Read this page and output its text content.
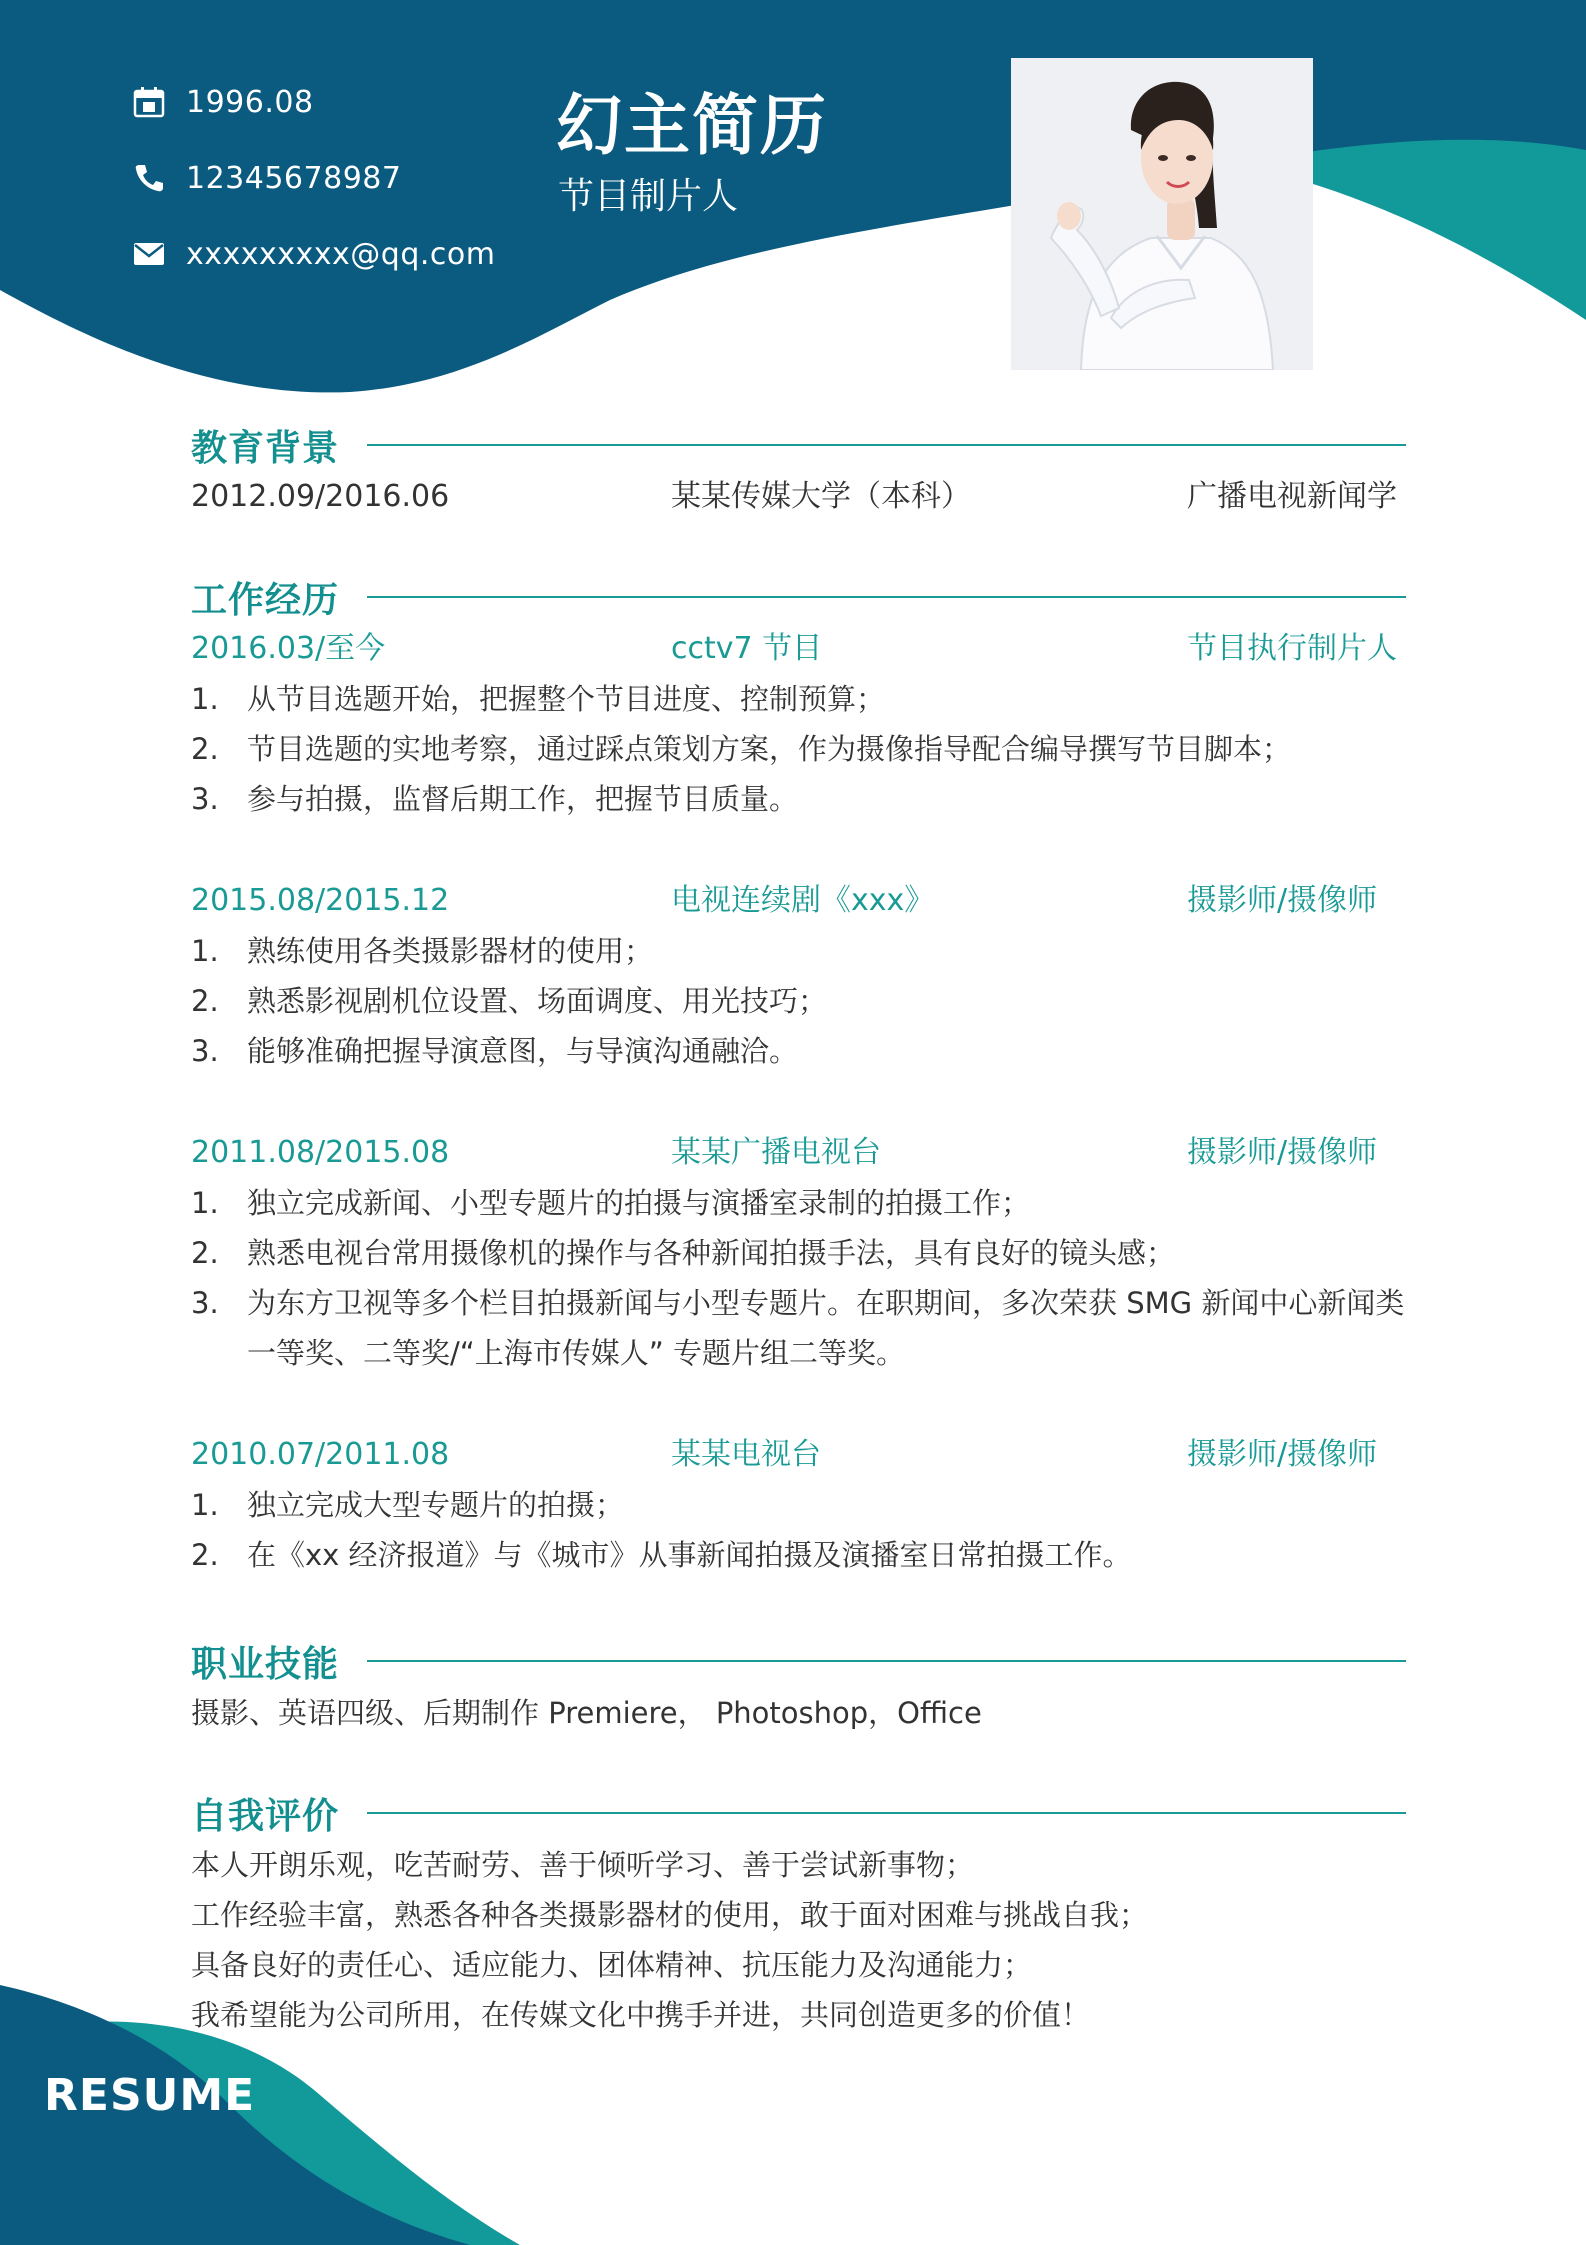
1996.08
12345678987
xxxxxxxxx@qq.com
幻主简历
节目制片人
教育背景
2012.09/2016.06	某某传媒大学（本科）	广播电视新闻学
工作经历
2016.03/至今	cctv7 节目	节目执行制片人
1. 从节目选题开始，把握整个节目进度、控制预算；
2. 节目选题的实地考察，通过踩点策划方案，作为摄像指导配合编导撰写节目脚本；
3. 参与拍摄，监督后期工作，把握节目质量。
2015.08/2015.12	电视连续剧《xxx》	摄影师/摄像师
1. 熟练使用各类摄影器材的使用；
2. 熟悉影视剧机位设置、场面调度、用光技巧；
3. 能够准确把握导演意图，与导演沟通融洽。
2011.08/2015.08	某某广播电视台	摄影师/摄像师
1. 独立完成新闻、小型专题片的拍摄与演播室录制的拍摄工作；
2. 熟悉电视台常用摄像机的操作与各种新闻拍摄手法，具有良好的镜头感；
3. 为东方卫视等多个栏目拍摄新闻与小型专题片。在职期间，多次荣获 SMG 新闻中心新闻类一等奖、二等奖/“上海市传媒人” 专题片组二等奖。
2010.07/2011.08	某某电视台	摄影师/摄像师
1. 独立完成大型专题片的拍摄；
2. 在《xx 经济报道》与《城市》从事新闻拍摄及演播室日常拍摄工作。
职业技能

摄影、英语四级、后期制作 Premiere， Photoshop，Office

自我评价

本人开朗乐观，吃苦耐劳、善于倾听学习、善于尝试新事物；

工作经验丰富，熟悉各种各类摄影器材的使用，敢于面对困难与挑战自我；

具备良好的责任心、适应能力、团体精神、抗压能力及沟通能力；

我希望能为公司所用，在传媒文化中携手并进，共同创造更多的价值！

RESUME
